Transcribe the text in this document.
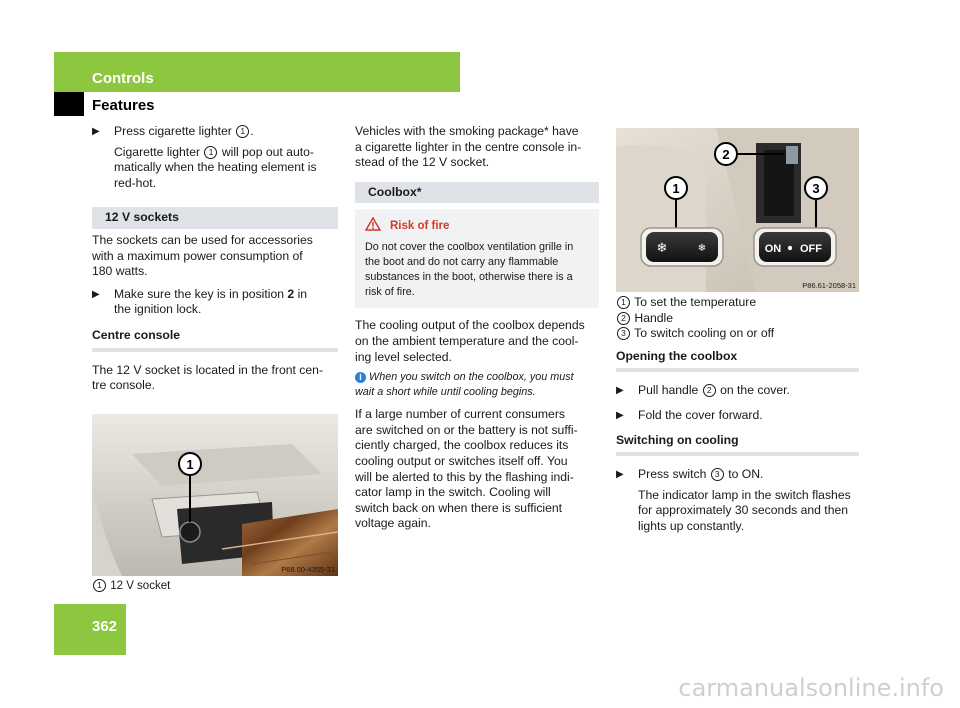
Controls
Features

▶ Press cigarette lighter 1 .

Cigarette lighter 1 will pop out auto-
matically when the heating element is
red-hot.

12 V sockets

The sockets can be used for accessories
with a maximum power consumption of
180 watts.

▶ Make sure the key is in position 2 in
the ignition lock.

Centre console

The 12 V socket is located in the front cen-
tre console.

1
P68.00-4355-31

1 12 V socket

Vehicles with the smoking package* have
a cigarette lighter in the centre console in-
stead of the 12 V socket.

Coolbox*
Risk of fire
Do not cover the coolbox ventilation grille in
the boot and do not carry any flammable
substances in the boot, otherwise there is a
risk of fire.

The cooling output of the coolbox depends
on the ambient temperature and the cool-
ing level selected.

i When you switch on the coolbox, you must
wait a short while until cooling begins.

If a large number of current consumers
are switched on or the battery is not suffi-
ciently charged, the coolbox reduces its
cooling output or switches itself off. You
will be alerted to this by the flashing indi-
cator lamp in the switch. Cooling will
switch back on when there is sufficient
voltage again.

2
1	3
❄	❄	ON OFF
P86.61-2058-31

1 To set the temperature

2 Handle

3 To switch cooling on or off

Opening the coolbox

▶ Pull handle 2 on the cover.

▶ Fold the cover forward.

Switching on cooling

▶ Press switch 3 to ON.

The indicator lamp in the switch flashes
for approximately 30 seconds and then
lights up constantly.

362
carmanualsonline.info
